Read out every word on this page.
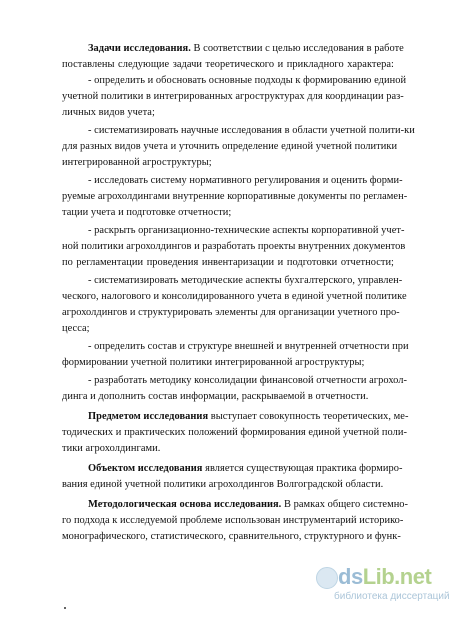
Задачи исследования. В соответствии с целью исследования в работе

поставлены следующие задачи теоретического и прикладного характера:

- определить и обосновать основные подходы к формированию единой

учетной политики в интегрированных агроструктурах для координации раз-

личных видов учета;

- систематизировать научные исследования в области учетной полити-ки

для разных видов учета и уточнить определение единой учетной политики

интегрированной агроструктуры;

- исследовать систему нормативного регулирования и оценить форми-

руемые агрохолдингами внутренние корпоративные документы по регламен-

тации учета и подготовке отчетности;

- раскрыть организационно-технические аспекты корпоративной учет-

ной политики агрохолдингов и разработать проекты внутренних документов

по регламентации проведения инвентаризации и подготовки отчетности;

- систематизировать методические аспекты бухгалтерского, управлен-

ческого, налогового и консолидированного учета в единой учетной политике

агрохолдингов и структурировать элементы для организации учетного про-

цесса;

- определить состав и структуре внешней и внутренней отчетности при

формировании учетной политики интегрированной агроструктуры;

- разработать методику консолидации финансовой отчетности агрохол-

динга и дополнить состав информации, раскрываемой в отчетности.

Предметом исследования выступает совокупность теоретических, ме-

тодических и практических положений формирования единой учетной поли-

тики агрохолдингами.

Объектом исследования является существующая практика формиро-

вания единой учетной политики агрохолдингов Волгоградской области.

Методологическая основа исследования. В рамках общего системно-

го подхода к исследуемой проблеме использован инструментарий историко-

монографического, статистического, сравнительного, структурного и функ-

dsLib.net
библиотека диссертаций
